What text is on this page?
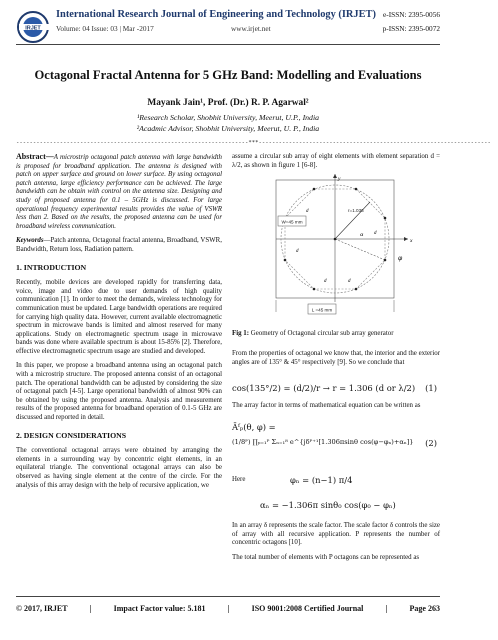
IRJET
International Research Journal of Engineering and Technology (IRJET)
Volume: 04 Issue: 03 | Mar -2017	www.irjet.net
e-ISSN: 2395-0056
p-ISSN: 2395-0072
Octagonal Fractal Antenna for 5 GHz Band: Modelling and Evaluations
Mayank Jain¹, Prof. (Dr.) R. P. Agarwal²
¹Research Scholar, Shobhit University, Meerut, U.P., India
²Acadmic Advisor, Shobhit University, Meerut, U. P., India
---------------------------------------------------------------------***---------------------------------------------------------------------

Abstract—A microstrip octagonal patch antenna with large bandwidth is proposed for broadband application. The antenna is designed with patch on upper surface and ground on lower surface. By using octagonal patch antenna, large efficiency performance can be achieved. The large bandwidth can be obtain with control on the antenna size. Designing and study of proposed antenna for 0.1 – 5GHz is discussed. For large operational frequency experimental results provides the value of VSWR less than 2. Based on the results, the proposed antenna can be used for broadband wireless communication.

Keywords—Patch antenna, Octagonal fractal antenna, Broadband, VSWR, Bandwidth, Return loss, Radiation pattern.

1. INTRODUCTION

Recently, mobile devices are developed rapidly for transferring data, voice, image and video due to user demands of high quality communication [1]. In order to meet the demands, wireless technology for communication must be updated. Large bandwidth operations are required for carrying high quality data. However, current available electromagnetic spectrum in microwave bands is limited and almost reserved for many applications. Study on electromagnetic spectrum usage in microwave bands was done where available spectrum is about 15-85% [2]. Therefore, effective electromagnetic spectrum usage are studied and developed.

In this paper, we propose a broadband antenna using an octagonal patch with a microstrip structure. The proposed antenna consist of an octagonal patch. The operational bandwidth can be adjusted by considering the size of octagonal patch [4-5]. Large operational bandwidth of almost 90% can be obtained by using the proposed antenna. Analysis and measurement results of the proposed antenna for broadband operation of 0.1-5 GHz are discussed and reported in detail.

2. DESIGN CONSIDERATIONS

The conventional octagonal arrays were obtained by arranging the elements in a surrounding way by concentric eight elements, in an equilateral triangle. The conventional octagonal arrays can also be observed as having single element at the centre of the circle. For the analysis of this array design with the help of recursive application, we

assume a circular sub array of eight elements with element separation d = λ/2, as shown in figure 1 [6-8].
W=45 mm
r=1.036
d
d
d	d
d
α
φ
x
y
L =45 mm
Fig 1: Geometry of Octagonal circular sub array generator
From the properties of octagonal we know that, the interior and the exterior angles are of 135° & 45° respectively [9]. So we conclude that
cos(135°/2) = (d/2)/r → r = 1.306 (d or λ/2)	(1)
The array factor in terms of mathematical equation can be written as
Āᶠₚ(θ, φ) =
(1/8ᴾ) ∏ₚ₌₁ᴾ Σₙ₌₁⁸ e^{jδᴾ⁺¹[1.306πsinθ cos(φ−φₙ)+αₙ]}	(2)
Here	φₙ = (n−1) π/4
αₙ = −1.306π sinθ₀ cos(φ₀ − φₙ)

In an array δ represents the scale factor. The scale factor δ controls the size of array with all recursive application. P represents the number of concentric octagons [10].

The total number of elements with P octagons can be represented as

© 2017, IRJET	|	Impact Factor value: 5.181	|	ISO 9001:2008 Certified Journal	|	Page 263
